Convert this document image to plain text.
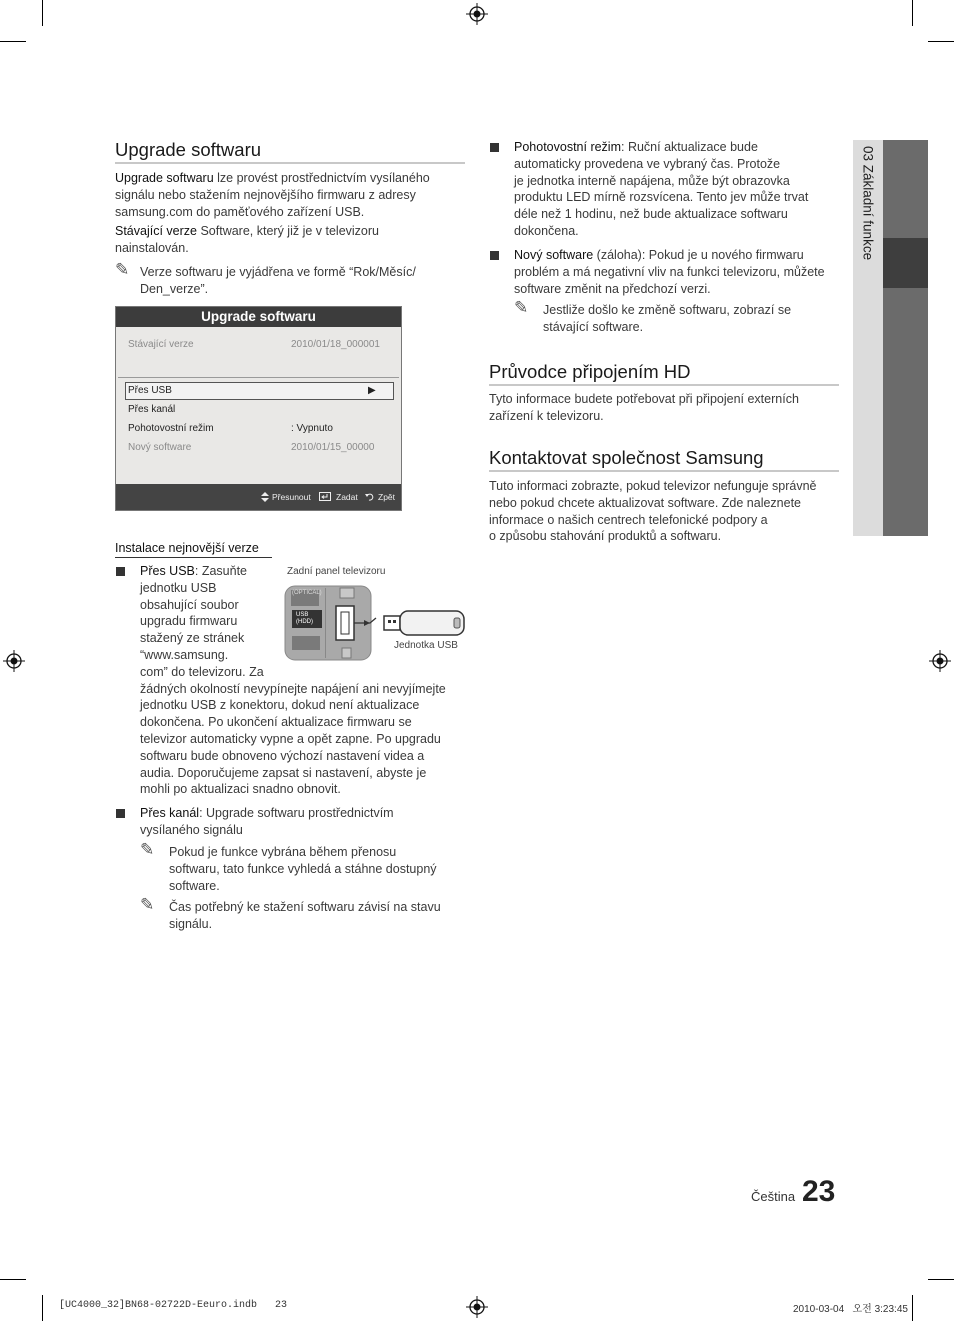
Upgrade softwaru
Upgrade softwaru lze provést prostřednictvím vysílaného
signálu nebo stažením nejnovějšího firmwaru z adresy
samsung.com do paměťového zařízení USB.
Stávající verze Software, který již je v televizoru
nainstalován.
✎ Verze softwaru je vyjádřena ve formě “Rok/Měsíc/
Den_verze”.
Upgrade softwaru
Stávající verze	2010/01/18_000001
Přes USB	▶
Přes kanál
Pohotovostní režim	: Vypnuto
Nový software	2010/01/15_00000
Přesunout	Zadat Zpět
Instalace nejnovější verze
Přes USB: Zasuňte
jednotku USB
obsahující soubor
upgradu firmwaru
stažený ze stránek
“www.samsung.
com” do televizoru. Za
žádných okolností nevypínejte napájení ani nevyjímejte
jednotku USB z konektoru, dokud není aktualizace
dokončena. Po ukončení aktualizace firmwaru se
televizor automaticky vypne a opět zapne. Po upgradu
softwaru bude obnoveno výchozí nastavení videa a
audia. Doporučujeme zapsat si nastavení, abyste je
mohli po aktualizaci snadno obnovit.
Zadní panel televizoru
(OPTICAL)
USB
(HDD)
Jednotka USB
Přes kanál: Upgrade softwaru prostřednictvím
vysílaného signálu
✎ Pokud je funkce vybrána během přenosu
softwaru, tato funkce vyhledá a stáhne dostupný
software.
✎ Čas potřebný ke stažení softwaru závisí na stavu
signálu.
Pohotovostní režim: Ruční aktualizace bude
automaticky provedena ve vybraný čas. Protože
je jednotka interně napájena, může být obrazovka
produktu LED mírně rozsvícena. Tento jev může trvat
déle než 1 hodinu, než bude aktualizace softwaru
dokončena.
Nový software (záloha): Pokud je u nového firmwaru
problém a má negativní vliv na funkci televizoru, můžete
software změnit na předchozí verzi.
✎ Jestliže došlo ke změně softwaru, zobrazí se
stávající software.
Průvodce připojením HD
Tyto informace budete potřebovat při připojení externích
zařízení k televizoru.
Kontaktovat společnost Samsung
Tuto informaci zobrazte, pokud televizor nefunguje správně
nebo pokud chcete aktualizovat software. Zde naleznete
informace o našich centrech telefonické podpory a
o způsobu stahování produktů a softwaru.
03 Základní funkce
Čeština 23
[UC4000_32]BN68-02722D-Eeuro.indb   23	2010-03-04   오전 3:23:45
